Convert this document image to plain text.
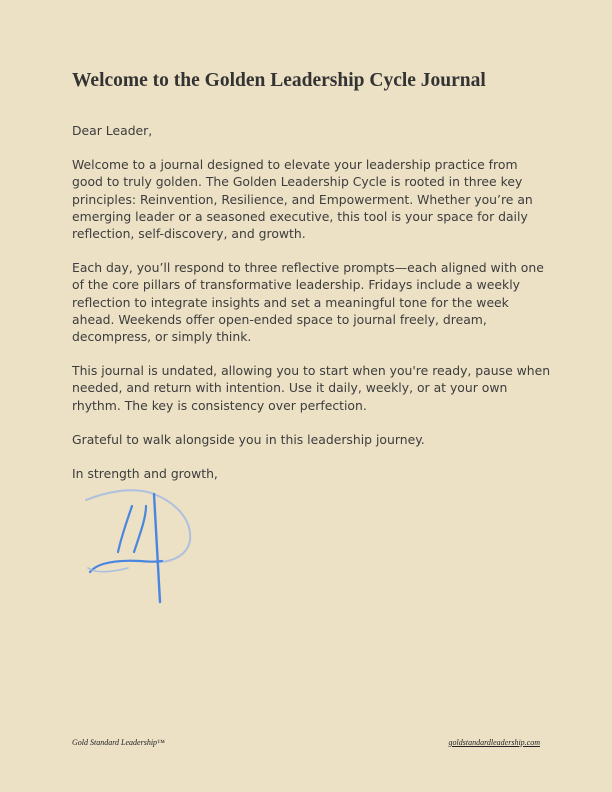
Welcome to the Golden Leadership Cycle Journal

Dear Leader,

Welcome to a journal designed to elevate your leadership practice from good to truly golden. The Golden Leadership Cycle is rooted in three key principles: Reinvention, Resilience, and Empowerment. Whether you’re an emerging leader or a seasoned executive, this tool is your space for daily reflection, self-discovery, and growth.

Each day, you’ll respond to three reflective prompts—each aligned with one of the core pillars of transformative leadership. Fridays include a weekly reflection to integrate insights and set a meaningful tone for the week ahead. Weekends offer open-ended space to journal freely, dream, decompress, or simply think.

This journal is undated, allowing you to start when you're ready, pause when needed, and return with intention. Use it daily, weekly, or at your own rhythm. The key is consistency over perfection.

Grateful to walk alongside you in this leadership journey.

In strength and growth,

Gold Standard Leadership™	goldstandardleadership.com
